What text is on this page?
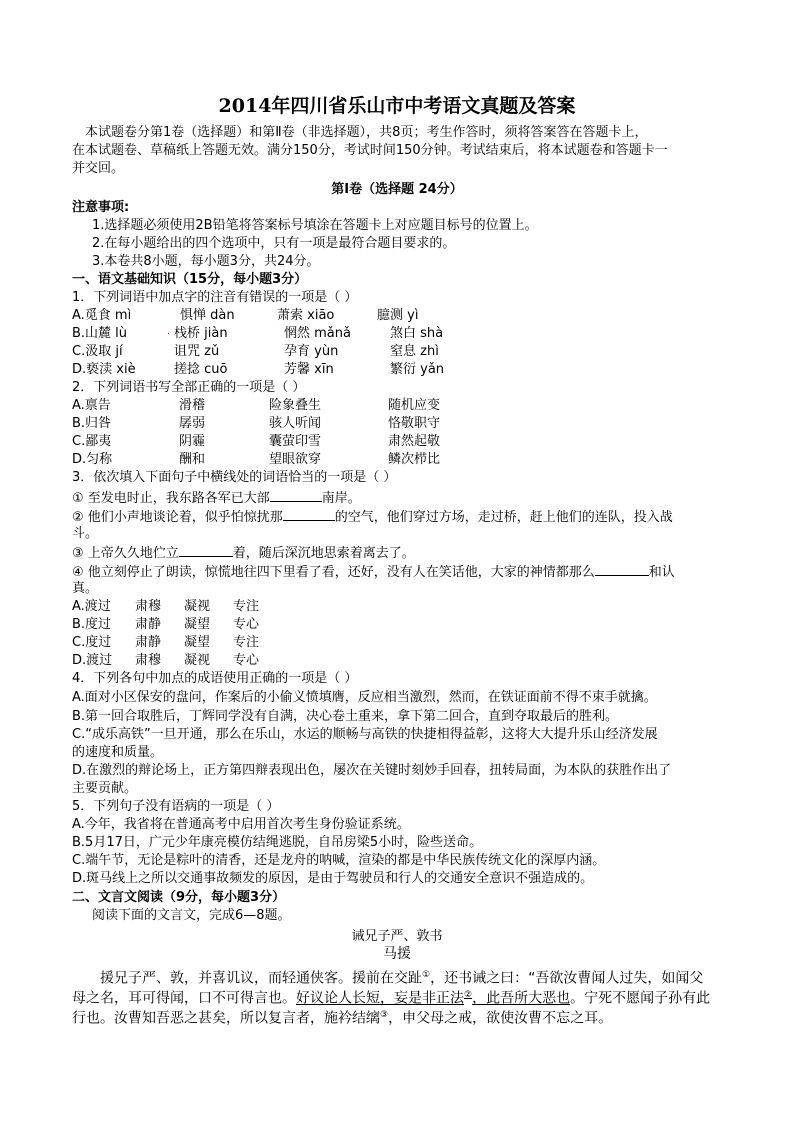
2014年四川省乐山市中考语文真题及答案
本试题卷分第1卷（选择题）和第Ⅱ卷（非选择题），共8页；考生作答时，须将答案答在答题卡上，
在本试题卷、草稿纸上答题无效。满分150分，考试时间150分钟。考试结束后，将本试题卷和答题卡一
并交回。
第Ⅰ卷（选择题 24分）
注意事项:
1.选择题必须使用2B铅笔将答案标号填涂在答题卡上对应题目标号的位置上。
2.在每小题给出的四个选项中，只有一项是最符合题目要求的。
3.本卷共8小题，每小题3分，共24分。
一、语文基础知识（15分，每小题3分）
1．下列词语中加点字的注音有错误的一项是（ ）
A.觅食 mì	惧惮 dàn	萧索 xiāo	臆测 yì
B.山麓 lù	栈桥 jiàn	惘然 mǎnǎ	煞白 shà
.
C.汲取 jí	诅咒 zǔ	孕育 yùn	窒息 zhì
D.亵渎 xiè	搓捻 cuō	芳馨 xīn	繁衍 yǎn
2．下列词语书写全部正确的一项是（ ）
A.禀告	滑稽	险象叠生	随机应变
B.归咎	孱弱	骇人听闻	恪敬职守
C.鄙夷	阴霾	囊萤印雪	肃然起敬
D.匀称	酬和	望眼欲穿	鳞次栉比
3．依次填入下面句子中横线处的词语恰当的一项是（ ）
① 至发电时止，我东路各军已大部	南岸。
② 他们小声地谈论着，似乎怕惊扰那	的空气，他们穿过方场，走过桥，赶上他们的连队，投入战
斗。
③ 上帝久久地伫立	着，随后深沉地思索着离去了。
④ 他立刻停止了朗读，惊慌地往四下里看了看，还好，没有人在笑话他，大家的神情都那么	和认
真。
A.渡过 肃穆 凝视 专注
B.度过 肃静 凝望 专心
C.度过 肃静 凝望 专注
D.渡过 肃穆 凝视 专心
4．下列各句中加点的成语使用正确的一项是（ ）
A.面对小区保安的盘问，作案后的小偷义愤填膺，反应相当激烈，然而，在铁证面前不得不束手就擒。
B.第一回合取胜后，丁辉同学没有自满，决心卷土重来，拿下第二回合，直到夺取最后的胜利。
C.“成乐高铁”一旦开通，那么在乐山，水运的顺畅与高铁的快捷相得益彰，这将大大提升乐山经济发展
的速度和质量。
D.在激烈的辩论场上，正方第四辩表现出色，屡次在关键时刻妙手回春，扭转局面，为本队的获胜作出了
主要贡献。
5．下列句子没有语病的一项是（ ）
A.今年，我省将在普通高考中启用首次考生身份验证系统。
B.5月17日，广元少年康亮模仿结绳逃脱，自吊房梁5小时，险些送命。
C.端午节，无论是粽叶的清香，还是龙舟的呐喊，渲染的都是中华民族传统文化的深厚内涵。
D.斑马线上之所以交通事故频发的原因，是由于驾驶员和行人的交通安全意识不强造成的。
二、文言文阅读（9分，每小题3分）
阅读下面的文言文，完成6—8题。
诫兄子严、敦书
马援
援兄子严、敦，并喜讥议，而轻通侠客。援前在交趾①，还书诫之曰：“吾欲汝曹闻人过失，如闻父
母之名，耳可得闻，口不可得言也。好议论人长短，妄是非正法②，此吾所大恶也。宁死不愿闻子孙有此
行也。汝曹知吾恶之甚矣，所以复言者，施衿结缡③，申父母之戒，欲使汝曹不忘之耳。
